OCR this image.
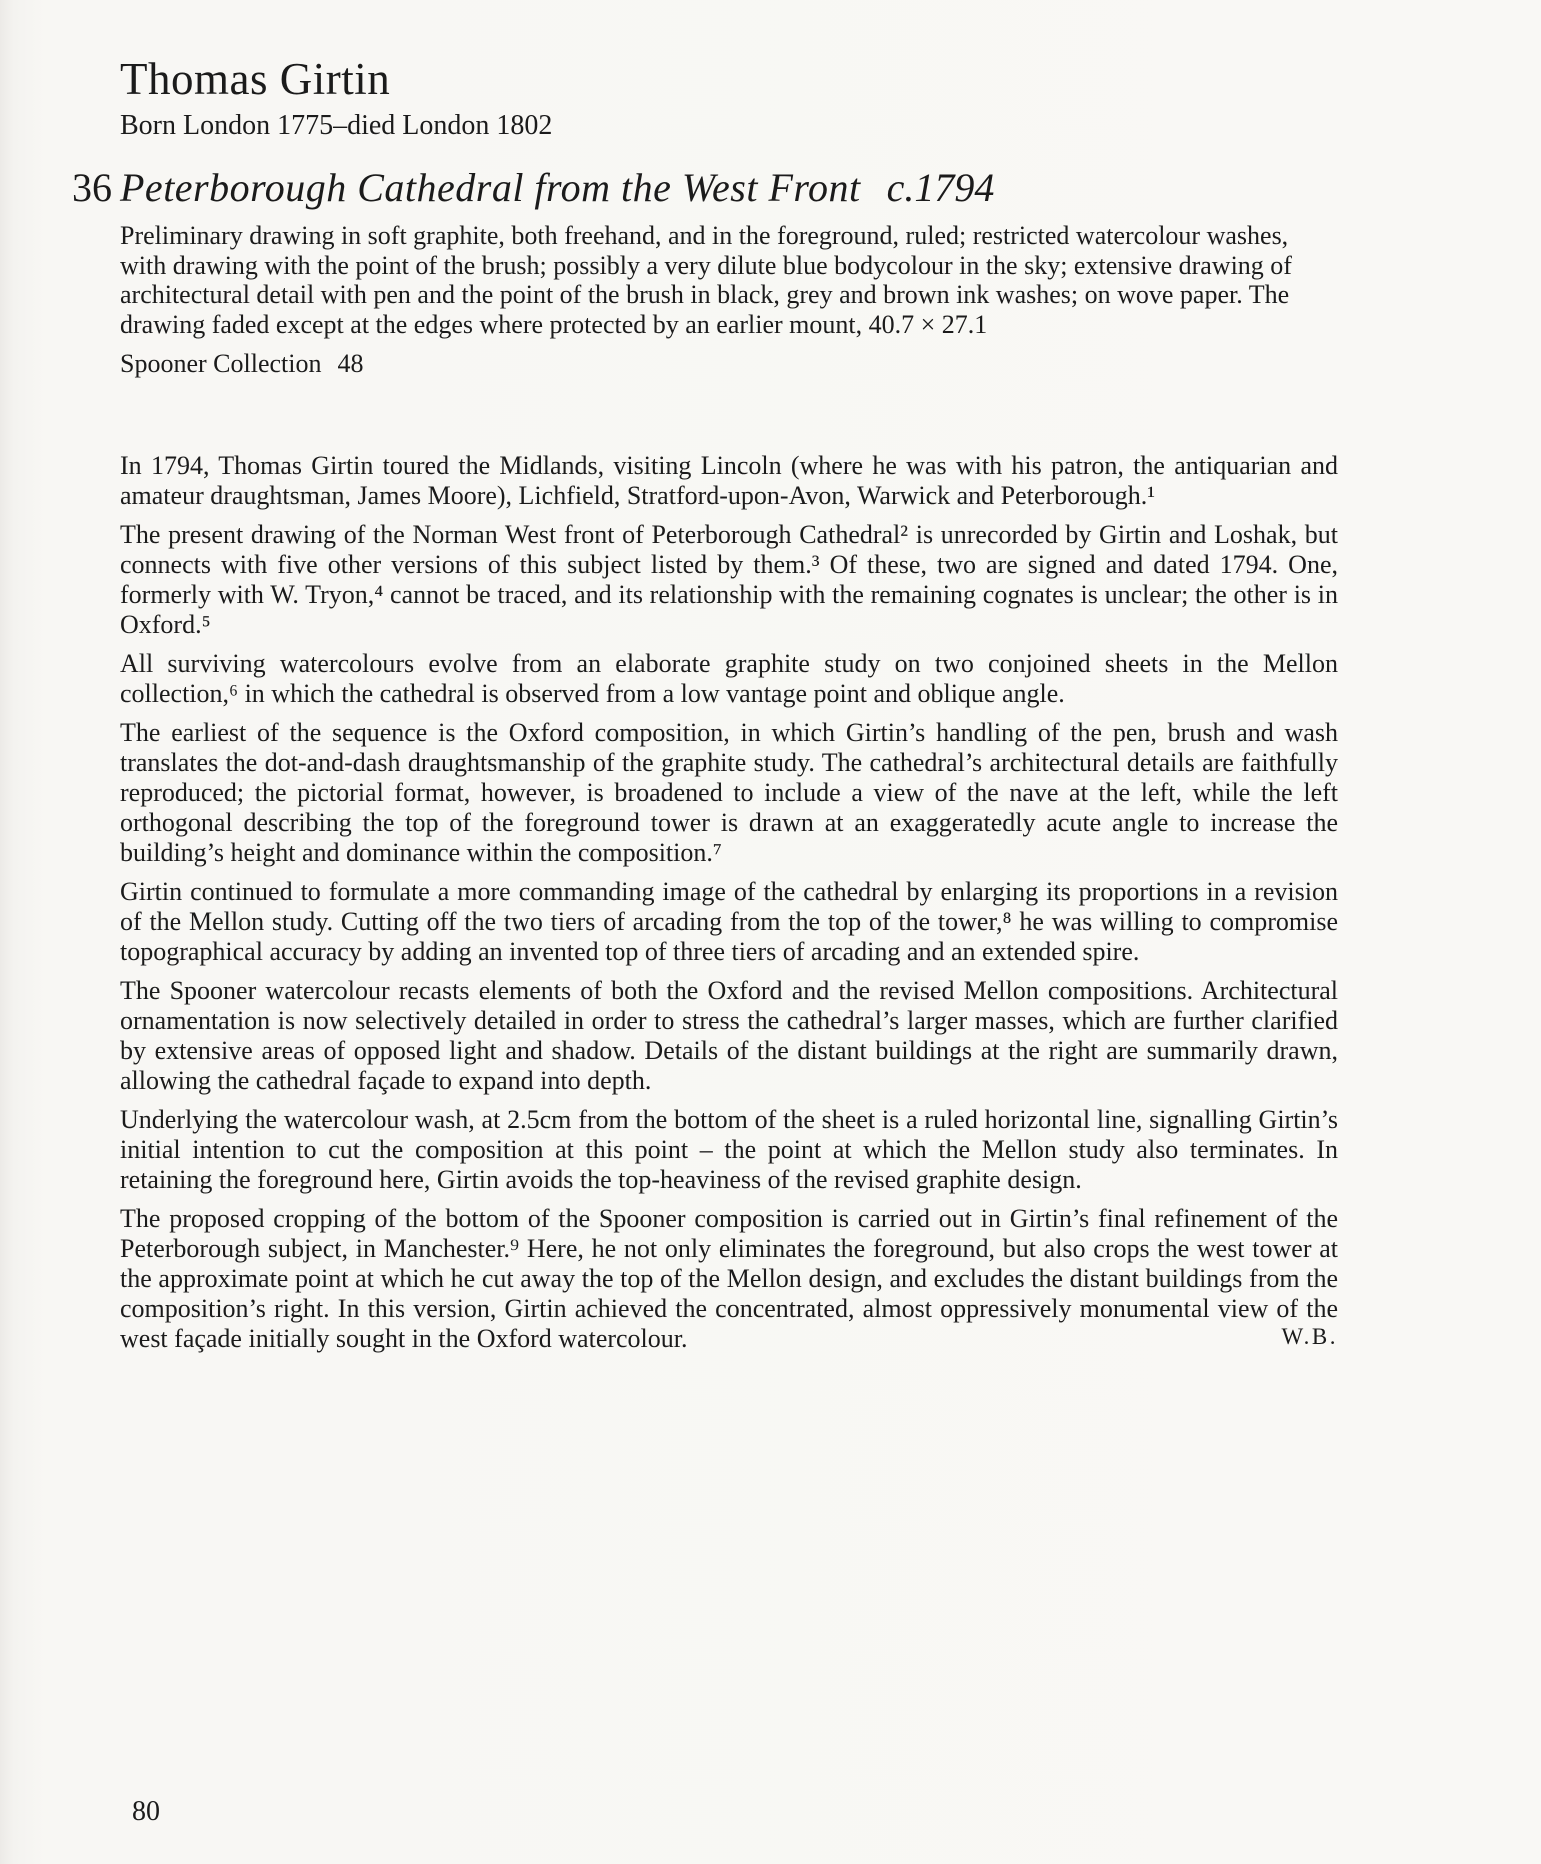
Thomas Girtin
Born London 1775–died London 1802
36 Peterborough Cathedral from the West Front c.1794
Preliminary drawing in soft graphite, both freehand, and in the foreground, ruled; restricted watercolour washes, with drawing with the point of the brush; possibly a very dilute blue bodycolour in the sky; extensive drawing of architectural detail with pen and the point of the brush in black, grey and brown ink washes; on wove paper. The drawing faded except at the edges where protected by an earlier mount, 40.7 × 27.1
Spooner Collection 48

In 1794, Thomas Girtin toured the Midlands, visiting Lincoln (where he was with his patron, the antiquarian and amateur draughtsman, James Moore), Lichfield, Stratford-upon-Avon, Warwick and Peterborough.¹

The present drawing of the Norman West front of Peterborough Cathedral² is unrecorded by Girtin and Loshak, but connects with five other versions of this subject listed by them.³ Of these, two are signed and dated 1794. One, formerly with W. Tryon,⁴ cannot be traced, and its relationship with the remaining cognates is unclear; the other is in Oxford.⁵

All surviving watercolours evolve from an elaborate graphite study on two conjoined sheets in the Mellon collection,⁶ in which the cathedral is observed from a low vantage point and oblique angle.

The earliest of the sequence is the Oxford composition, in which Girtin’s handling of the pen, brush and wash translates the dot-and-dash draughtsmanship of the graphite study. The cathedral’s architectural details are faithfully reproduced; the pictorial format, however, is broadened to include a view of the nave at the left, while the left orthogonal describing the top of the foreground tower is drawn at an exaggeratedly acute angle to increase the building’s height and dominance within the composition.⁷

Girtin continued to formulate a more commanding image of the cathedral by enlarging its proportions in a revision of the Mellon study. Cutting off the two tiers of arcading from the top of the tower,⁸ he was willing to compromise topographical accuracy by adding an invented top of three tiers of arcading and an extended spire.

The Spooner watercolour recasts elements of both the Oxford and the revised Mellon compositions. Architectural ornamentation is now selectively detailed in order to stress the cathedral’s larger masses, which are further clarified by extensive areas of opposed light and shadow. Details of the distant buildings at the right are summarily drawn, allowing the cathedral façade to expand into depth.

Underlying the watercolour wash, at 2.5cm from the bottom of the sheet is a ruled horizontal line, signalling Girtin’s initial intention to cut the composition at this point – the point at which the Mellon study also terminates. In retaining the foreground here, Girtin avoids the top-heaviness of the revised graphite design.

The proposed cropping of the bottom of the Spooner composition is carried out in Girtin’s final refinement of the Peterborough subject, in Manchester.⁹ Here, he not only eliminates the foreground, but also crops the west tower at the approximate point at which he cut away the top of the Mellon design, and excludes the distant buildings from the composition’s right. In this version, Girtin achieved the concentrated, almost oppressively monumental view of the west façade initially sought in the Oxford watercolour.	W.B.

80
